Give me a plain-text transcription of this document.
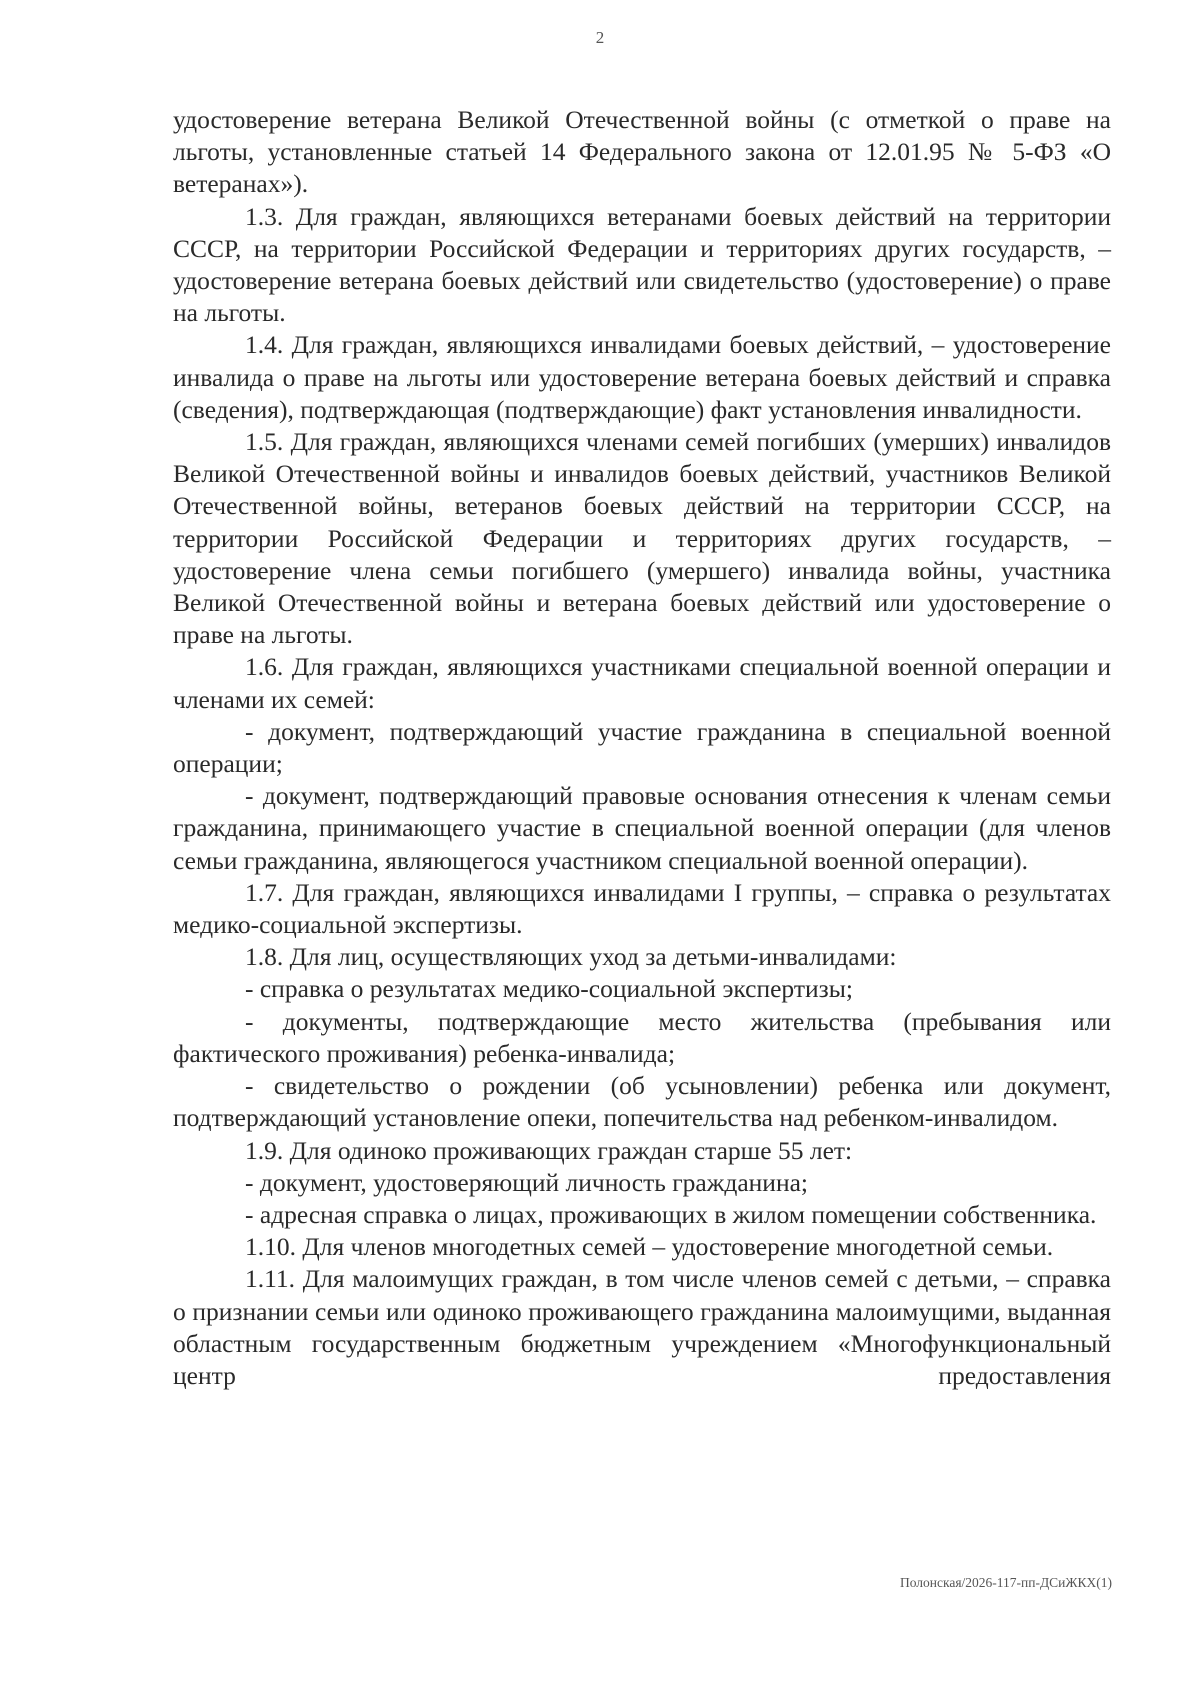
2

удостоверение ветерана Великой Отечественной войны (с отметкой о праве на льготы, установленные статьей 14 Федерального закона от 12.01.95 № 5-ФЗ «О ветеранах»).

1.3. Для граждан, являющихся ветеранами боевых действий на территории СССР, на территории Российской Федерации и территориях других государств, – удостоверение ветерана боевых действий или свидетельство (удостоверение) о праве на льготы.

1.4. Для граждан, являющихся инвалидами боевых действий, – удостоверение инвалида о праве на льготы или удостоверение ветерана боевых действий и справка (сведения), подтверждающая (подтверждающие) факт установления инвалидности.

1.5. Для граждан, являющихся членами семей погибших (умерших) инвалидов Великой Отечественной войны и инвалидов боевых действий, участников Великой Отечественной войны, ветеранов боевых действий на территории СССР, на территории Российской Федерации и территориях других государств, – удостоверение члена семьи погибшего (умершего) инвалида войны, участника Великой Отечественной войны и ветерана боевых действий или удостоверение о праве на льготы.

1.6. Для граждан, являющихся участниками специальной военной операции и членами их семей:

- документ, подтверждающий участие гражданина в специальной военной операции;

- документ, подтверждающий правовые основания отнесения к членам семьи гражданина, принимающего участие в специальной военной операции (для членов семьи гражданина, являющегося участником специальной военной операции).

1.7. Для граждан, являющихся инвалидами I группы, – справка о результатах медико-социальной экспертизы.

1.8. Для лиц, осуществляющих уход за детьми-инвалидами:

- справка о результатах медико-социальной экспертизы;

- документы, подтверждающие место жительства (пребывания или фактического проживания) ребенка-инвалида;

- свидетельство о рождении (об усыновлении) ребенка или документ, подтверждающий установление опеки, попечительства над ребенком-инвалидом.

1.9. Для одиноко проживающих граждан старше 55 лет:

- документ, удостоверяющий личность гражданина;

- адресная справка о лицах, проживающих в жилом помещении собственника.

1.10. Для членов многодетных семей – удостоверение многодетной семьи.

1.11. Для малоимущих граждан, в том числе членов семей с детьми, – справка о признании семьи или одиноко проживающего гражданина малоимущими, выданная областным государственным бюджетным учреждением «Многофункциональный центр предоставления

Полонская/2026-117-пп-ДСиЖКХ(1)
